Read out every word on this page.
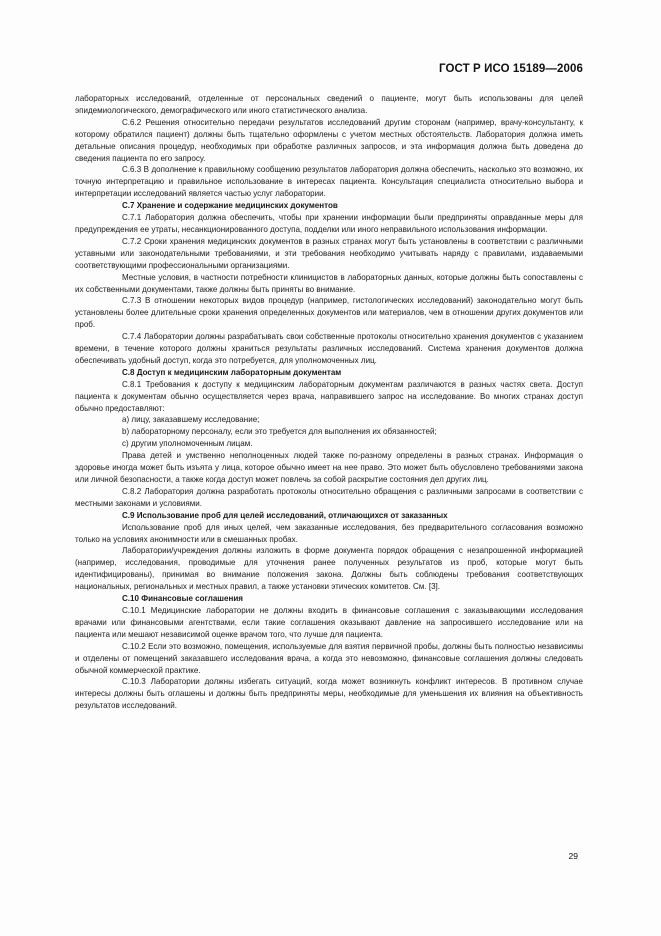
ГОСТ Р ИСО 15189—2006

лабораторных исследований, отделенные от персональных сведений о пациенте, могут быть использованы для целей эпидемиологического, демографического или иного статистического анализа.

С.6.2 Решения относительно передачи результатов исследований другим сторонам (например, врачу-консультанту, к которому обратился пациент) должны быть тщательно оформлены с учетом местных обстоятельств. Лаборатория должна иметь детальные описания процедур, необходимых при обработке различных запросов, и эта информация должна быть доведена до сведения пациента по его запросу.

С.6.3 В дополнение к правильному сообщению результатов лаборатория должна обеспечить, насколько это возможно, их точную интерпретацию и правильное использование в интересах пациента. Консультация специалиста относительно выбора и интерпретации исследований является частью услуг лаборатории.

С.7 Хранение и содержание медицинских документов

С.7.1 Лаборатория должна обеспечить, чтобы при хранении информации были предприняты оправданные меры для предупреждения ее утраты, несанкционированного доступа, подделки или иного неправильного использования информации.

С.7.2 Сроки хранения медицинских документов в разных странах могут быть установлены в соответствии с различными уставными или законодательными требованиями, и эти требования необходимо учитывать наряду с правилами, издаваемыми соответствующими профессиональными организациями.

Местные условия, в частности потребности клиницистов в лабораторных данных, которые должны быть сопоставлены с их собственными документами, также должны быть приняты во внимание.

С.7.3 В отношении некоторых видов процедур (например, гистологических исследований) законодательно могут быть установлены более длительные сроки хранения определенных документов или материалов, чем в отношении других документов или проб.

С.7.4 Лаборатории должны разрабатывать свои собственные протоколы относительно хранения документов с указанием времени, в течение которого должны храниться результаты различных исследований. Система хранения документов должна обеспечивать удобный доступ, когда это потребуется, для уполномоченных лиц.

С.8 Доступ к медицинским лабораторным документам

С.8.1 Требования к доступу к медицинским лабораторным документам различаются в разных частях света. Доступ пациента к документам обычно осуществляется через врача, направившего запрос на исследование. Во многих странах доступ обычно предоставляют:

a) лицу, заказавшему исследование;

b) лабораторному персоналу, если это требуется для выполнения их обязанностей;

c) другим уполномоченным лицам.

Права детей и умственно неполноценных людей также по-разному определены в разных странах. Информация о здоровье иногда может быть изъята у лица, которое обычно имеет на нее право. Это может быть обусловлено требованиями закона или личной безопасности, а также когда доступ может повлечь за собой раскрытие состояния дел других лиц.

С.8.2 Лаборатория должна разработать протоколы относительно обращения с различными запросами в соответствии с местными законами и условиями.

С.9 Использование проб для целей исследований, отличающихся от заказанных

Использование проб для иных целей, чем заказанные исследования, без предварительного согласования возможно только на условиях анонимности или в смешанных пробах.

Лаборатории/учреждения должны изложить в форме документа порядок обращения с незапрошенной информацией (например, исследования, проводимые для уточнения ранее полученных результатов из проб, которые могут быть идентифицированы), принимая во внимание положения закона. Должны быть соблюдены требования соответствующих национальных, региональных и местных правил, а также установки этических комитетов. См. [3].

С.10 Финансовые соглашения

С.10.1 Медицинские лаборатории не должны входить в финансовые соглашения с заказывающими исследования врачами или финансовыми агентствами, если такие соглашения оказывают давление на запросившего исследование или на пациента или мешают независимой оценке врачом того, что лучше для пациента.

С.10.2 Если это возможно, помещения, используемые для взятия первичной пробы, должны быть полностью независимы и отделены от помещений заказавшего исследования врача, а когда это невозможно, финансовые соглашения должны следовать обычной коммерческой практике.

С.10.3 Лаборатории должны избегать ситуаций, когда может возникнуть конфликт интересов. В противном случае интересы должны быть оглашены и должны быть предприняты меры, необходимые для уменьшения их влияния на объективность результатов исследований.

29
